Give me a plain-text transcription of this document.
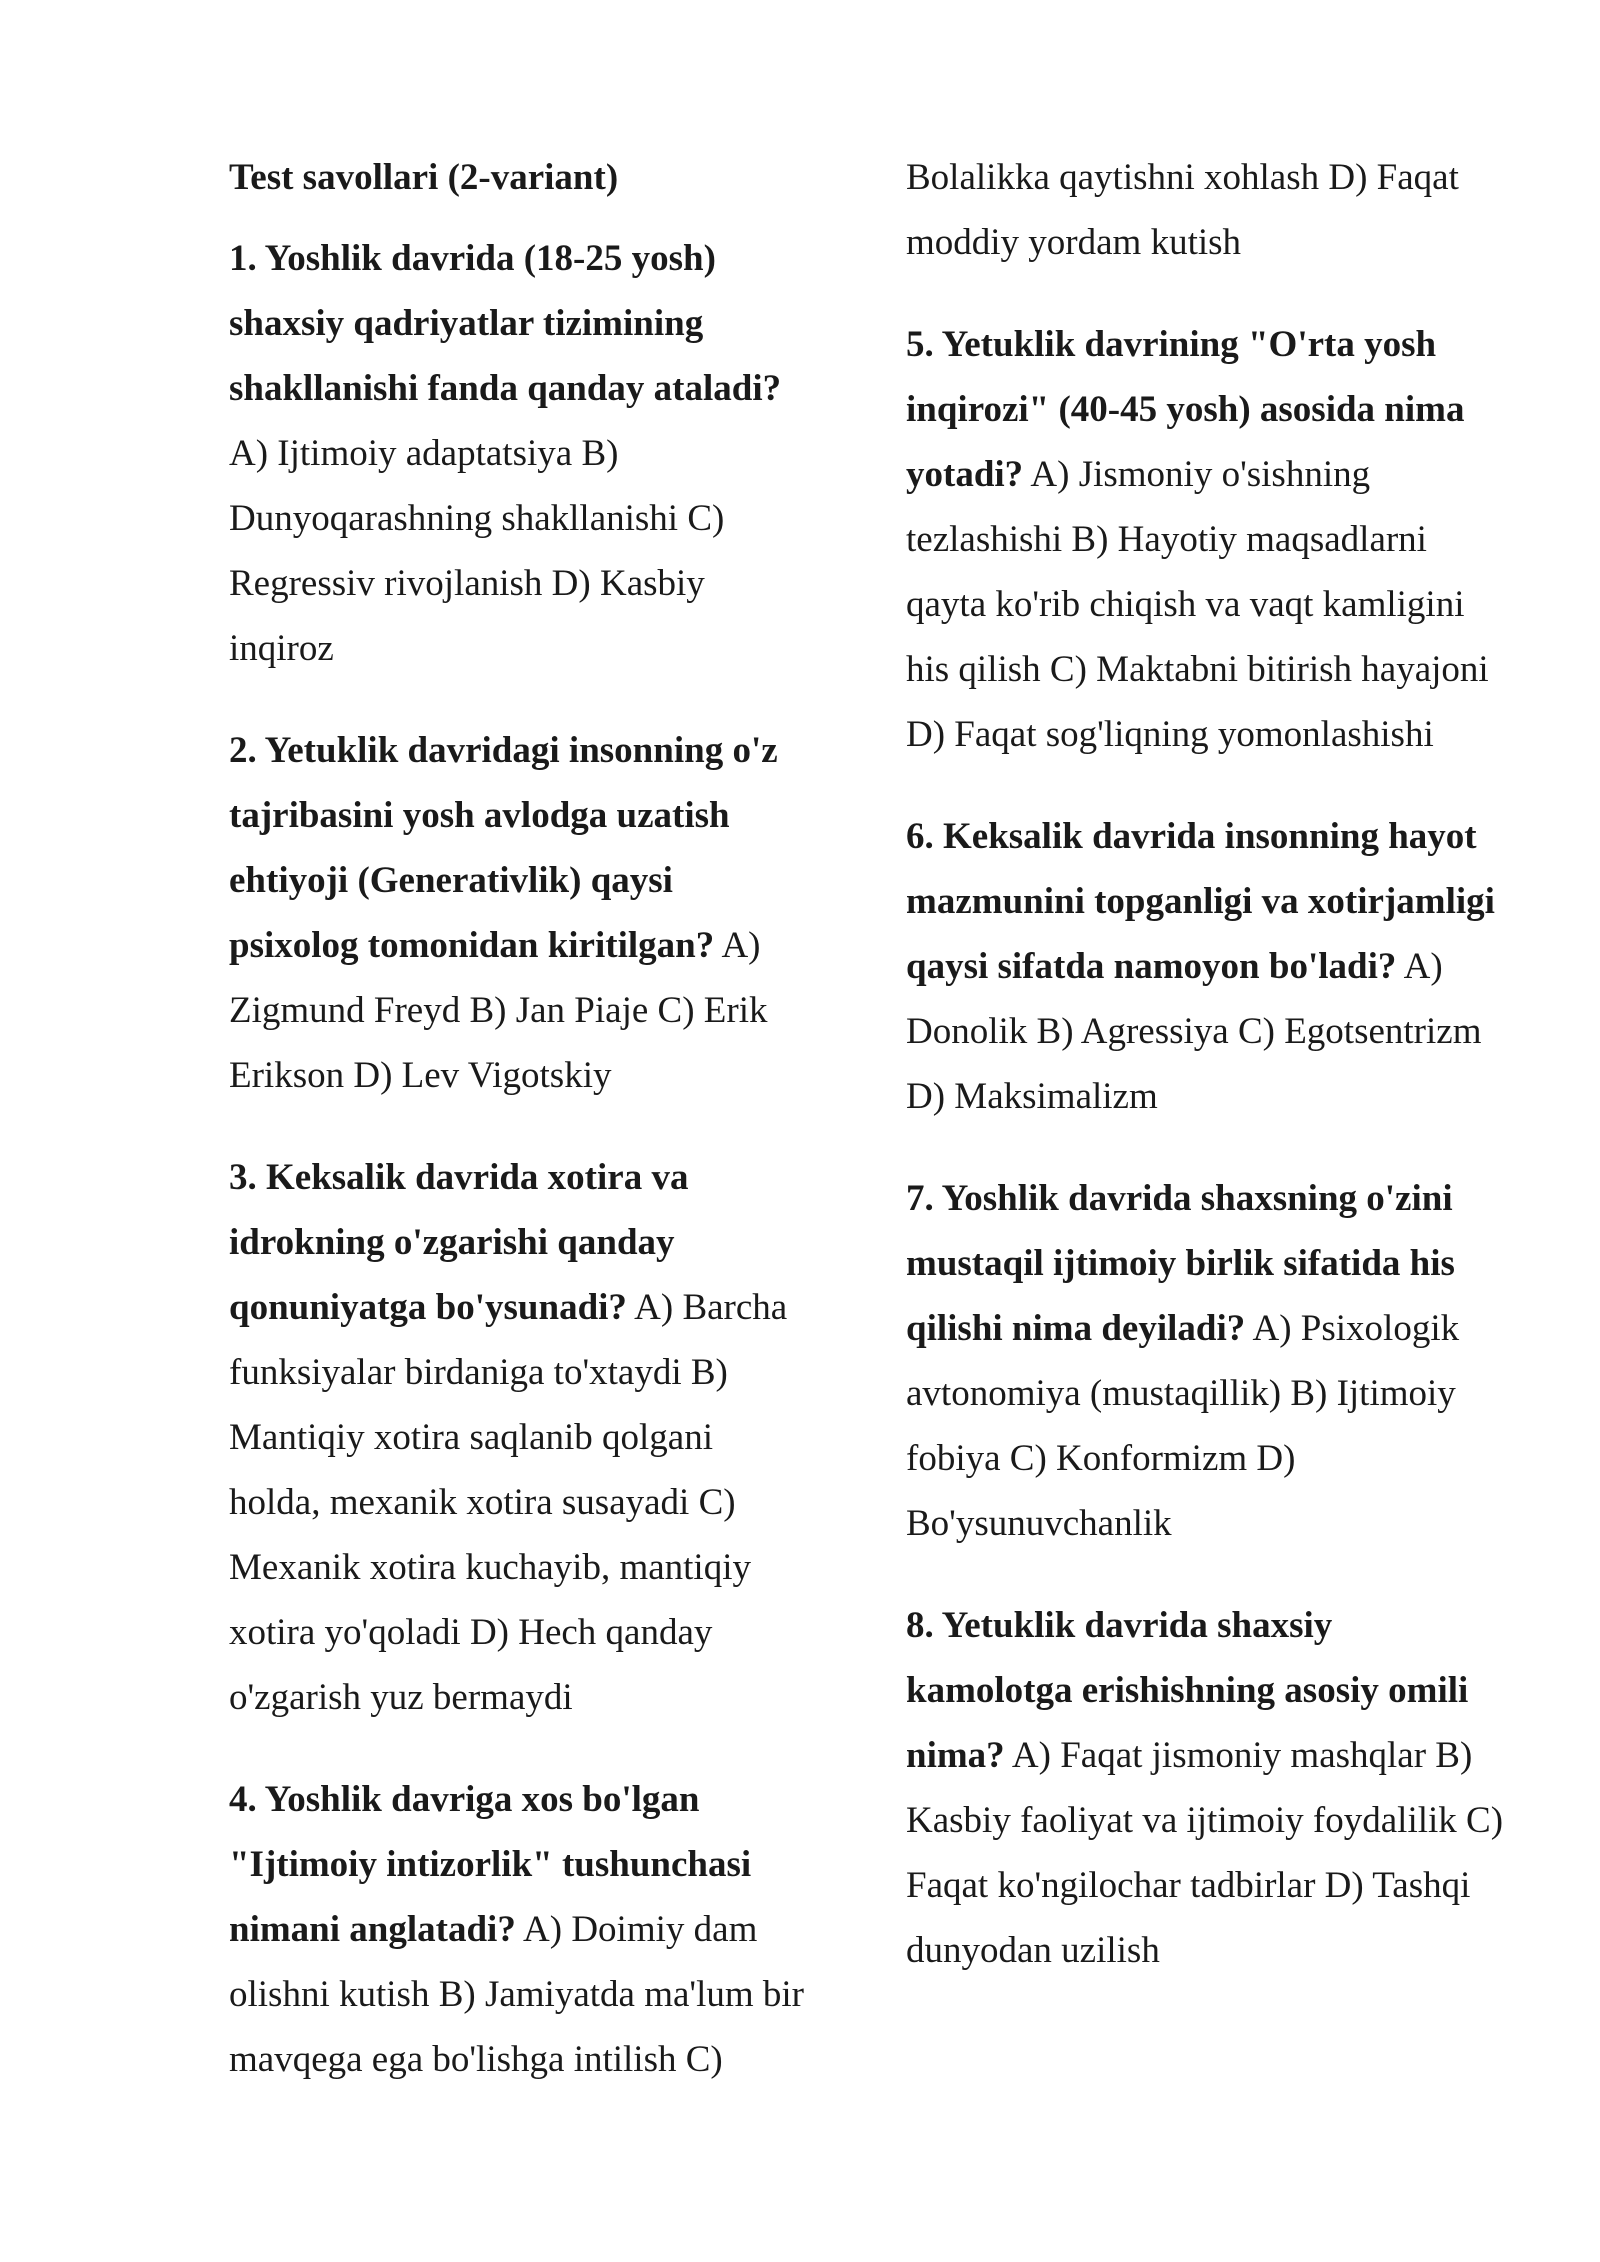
Test savollari (2-variant)

1. Yoshlik davrida (18-25 yosh) shaxsiy qadriyatlar tizimining shakllanishi fanda qanday ataladi? A) Ijtimoiy adaptatsiya B) Dunyoqarashning shakllanishi C) Regressiv rivojlanish D) Kasbiy inqiroz

2. Yetuklik davridagi insonning o'z tajribasini yosh avlodga uzatish ehtiyoji (Generativlik) qaysi psixolog tomonidan kiritilgan? A) Zigmund Freyd B) Jan Piaje C) Erik Erikson D) Lev Vigotskiy

3. Keksalik davrida xotira va idrokning o'zgarishi qanday qonuniyatga bo'ysunadi? A) Barcha funksiyalar birdaniga to'xtaydi B) Mantiqiy xotira saqlanib qolgani holda, mexanik xotira susayadi C) Mexanik xotira kuchayib, mantiqiy xotira yo'qoladi D) Hech qanday o'zgarish yuz bermaydi

4. Yoshlik davriga xos bo'lgan "Ijtimoiy intizorlik" tushunchasi nimani anglatadi? A) Doimiy dam olishni kutish B) Jamiyatda ma'lum bir mavqega ega bo'lishga intilish C)

Bolalikka qaytishni xohlash D) Faqat moddiy yordam kutish

5. Yetuklik davrining "O'rta yosh inqirozi" (40-45 yosh) asosida nima yotadi? A) Jismoniy o'sishning tezlashishi B) Hayotiy maqsadlarni qayta ko'rib chiqish va vaqt kamligini his qilish C) Maktabni bitirish hayajoni D) Faqat sog'liqning yomonlashishi

6. Keksalik davrida insonning hayot mazmunini topganligi va xotirjamligi qaysi sifatda namoyon bo'ladi? A) Donolik B) Agressiya C) Egotsentrizm D) Maksimalizm

7. Yoshlik davrida shaxsning o'zini mustaqil ijtimoiy birlik sifatida his qilishi nima deyiladi? A) Psixologik avtonomiya (mustaqillik) B) Ijtimoiy fobiya C) Konformizm D) Bo'ysunuvchanlik

8. Yetuklik davrida shaxsiy kamolotga erishishning asosiy omili nima? A) Faqat jismoniy mashqlar B) Kasbiy faoliyat va ijtimoiy foydalilik C) Faqat ko'ngilochar tadbirlar D) Tashqi dunyodan uzilish
